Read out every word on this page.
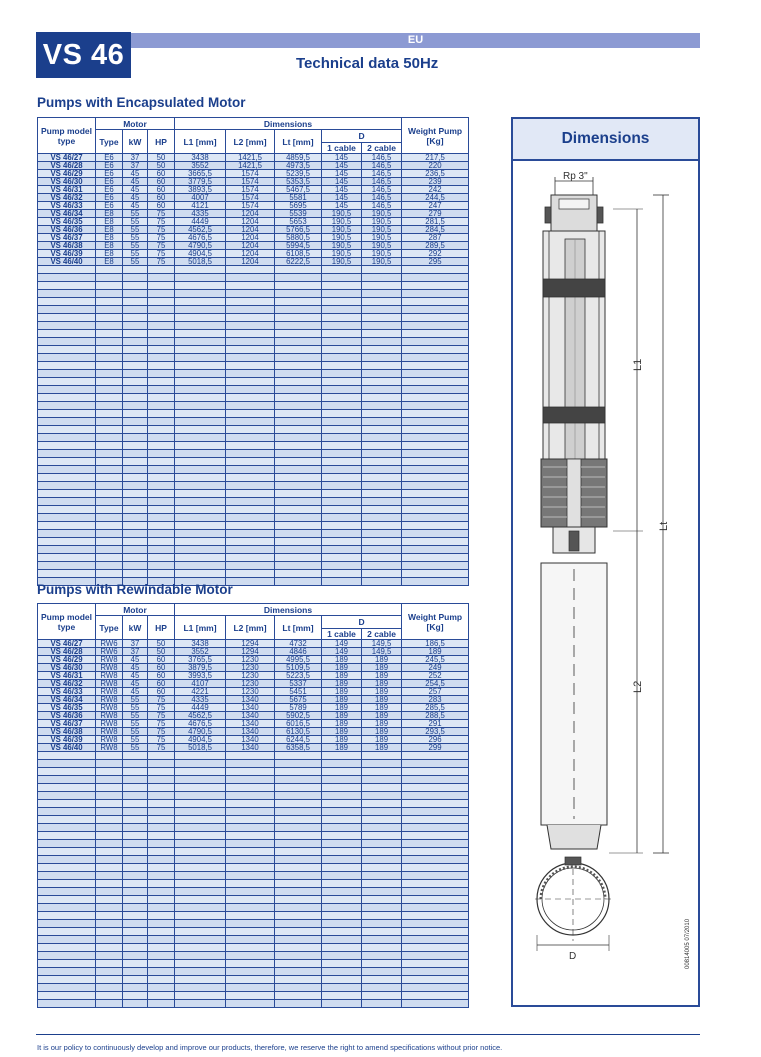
VS 46	EU
Technical data 50Hz
Pumps with Encapsulated Motor
Pump model type	Motor			Dimensions					Weight Pump [Kg]
	Type	kW	HP	L1 [mm]	L2 [mm]	Lt [mm]	D		
							1 cable	2 cable	
VS 46/27	E6	37	50	3438	1421,5	4859,5	145	146,5	217,5
VS 46/28	E6	37	50	3552	1421,5	4973,5	145	146,5	220
VS 46/29	E6	45	60	3665,5	1574	5239,5	145	146,5	236,5
VS 46/30	E6	45	60	3779,5	1574	5353,5	145	146,5	239
VS 46/31	E6	45	60	3893,5	1574	5467,5	145	146,5	242
VS 46/32	E6	45	60	4007	1574	5581	145	146,5	244,5
VS 46/33	E6	45	60	4121	1574	5695	145	146,5	247
VS 46/34	E8	55	75	4335	1204	5539	190,5	190,5	279
VS 46/35	E8	55	75	4449	1204	5653	190,5	190,5	281,5
VS 46/36	E8	55	75	4562,5	1204	5766,5	190,5	190,5	284,5
VS 46/37	E8	55	75	4676,5	1204	5880,5	190,5	190,5	287
VS 46/38	E8	55	75	4790,5	1204	5994,5	190,5	190,5	289,5
VS 46/39	E8	55	75	4904,5	1204	6108,5	190,5	190,5	292
VS 46/40	E8	55	75	5018,5	1204	6222,5	190,5	190,5	295

Pumps with Rewindable Motor
Pump model type	Motor			Dimensions					Weight Pump [Kg]
	Type	kW	HP	L1 [mm]	L2 [mm]	Lt [mm]	D		
							1 cable	2 cable	
VS 46/27	RW6	37	50	3438	1294	4732	149	149,5	186,5
VS 46/28	RW6	37	50	3552	1294	4846	149	149,5	189
VS 46/29	RW8	45	60	3765,5	1230	4995,5	189	189	245,5
VS 46/30	RW8	45	60	3879,5	1230	5109,5	189	189	249
VS 46/31	RW8	45	60	3993,5	1230	5223,5	189	189	252
VS 46/32	RW8	45	60	4107	1230	5337	189	189	254,5
VS 46/33	RW8	45	60	4221	1230	5451	189	189	257
VS 46/34	RW8	55	75	4335	1340	5675	189	189	283
VS 46/35	RW8	55	75	4449	1340	5789	189	189	285,5
VS 46/36	RW8	55	75	4562,5	1340	5902,5	189	189	288,5
VS 46/37	RW8	55	75	4676,5	1340	6016,5	189	189	291
VS 46/38	RW8	55	75	4790,5	1340	6130,5	189	189	293,5
VS 46/39	RW8	55	75	4904,5	1340	6244,5	189	189	296
VS 46/40	RW8	55	75	5018,5	1340	6358,5	189	189	299

Dimensions
Rp 3"
L1
Lt
L2
D	00814005 07/2010
It is our policy to continuously develop and improve our products, therefore, we reserve the right to amend specifications without prior notice.
